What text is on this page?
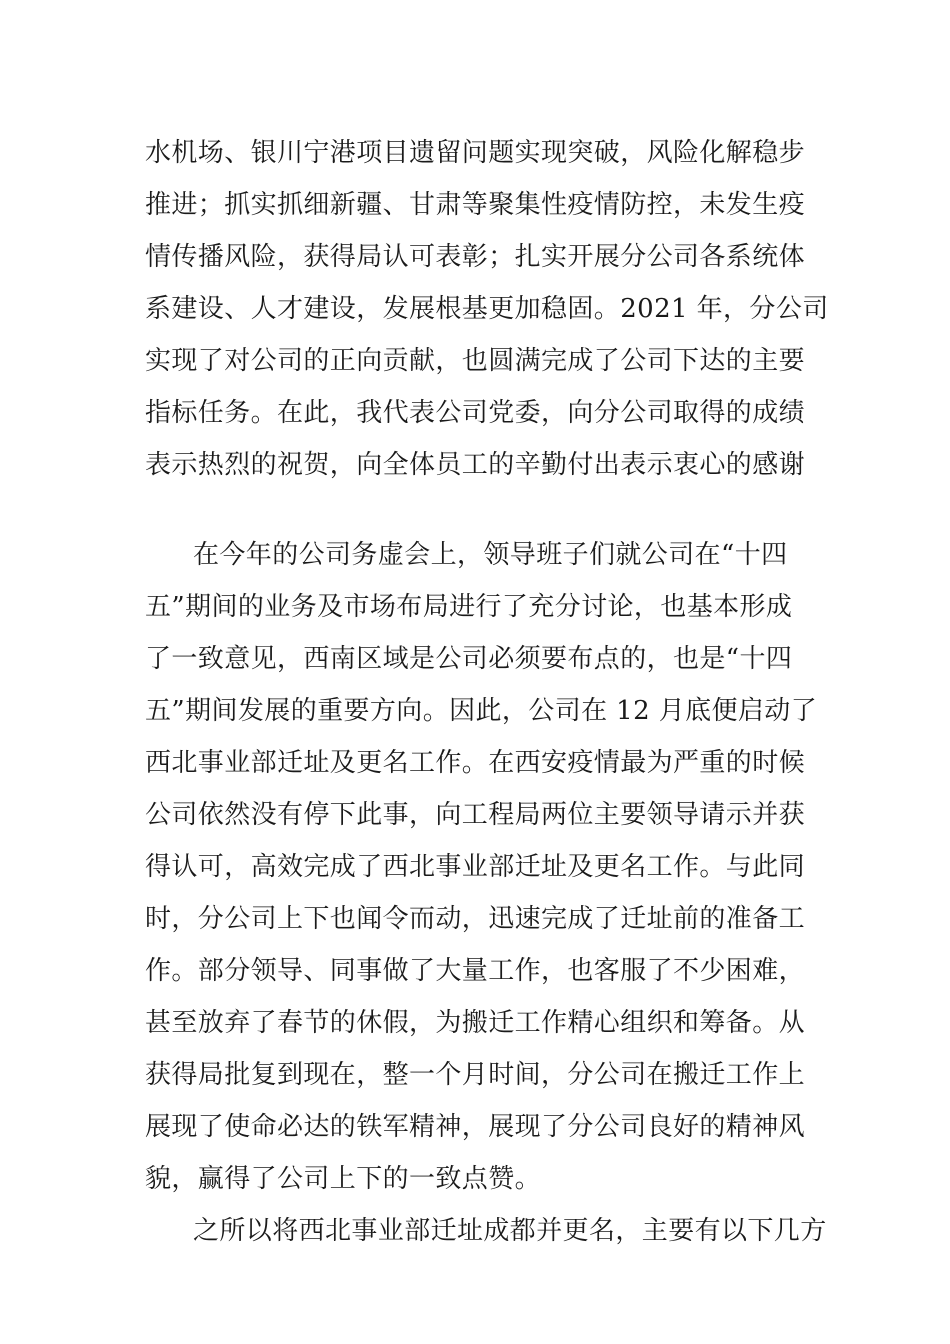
水机场、银川宁港项目遗留问题实现突破，风险化解稳步
推进；抓实抓细新疆、甘肃等聚集性疫情防控，未发生疫
情传播风险，获得局认可表彰；扎实开展分公司各系统体
系建设、人才建设，发展根基更加稳固。2021 年，分公司
实现了对公司的正向贡献，也圆满完成了公司下达的主要
指标任务。在此，我代表公司党委，向分公司取得的成绩
表示热烈的祝贺，向全体员工的辛勤付出表示衷心的感谢
在今年的公司务虚会上，领导班子们就公司在“十四
五”期间的业务及市场布局进行了充分讨论，也基本形成
了一致意见，西南区域是公司必须要布点的，也是“十四
五”期间发展的重要方向。因此，公司在 12 月底便启动了
西北事业部迁址及更名工作。在西安疫情最为严重的时候
公司依然没有停下此事，向工程局两位主要领导请示并获
得认可，高效完成了西北事业部迁址及更名工作。与此同
时，分公司上下也闻令而动，迅速完成了迁址前的准备工
作。部分领导、同事做了大量工作，也客服了不少困难，
甚至放弃了春节的休假，为搬迁工作精心组织和筹备。从
获得局批复到现在，整一个月时间，分公司在搬迁工作上
展现了使命必达的铁军精神，展现了分公司良好的精神风
貌，赢得了公司上下的一致点赞。
之所以将西北事业部迁址成都并更名，主要有以下几方
